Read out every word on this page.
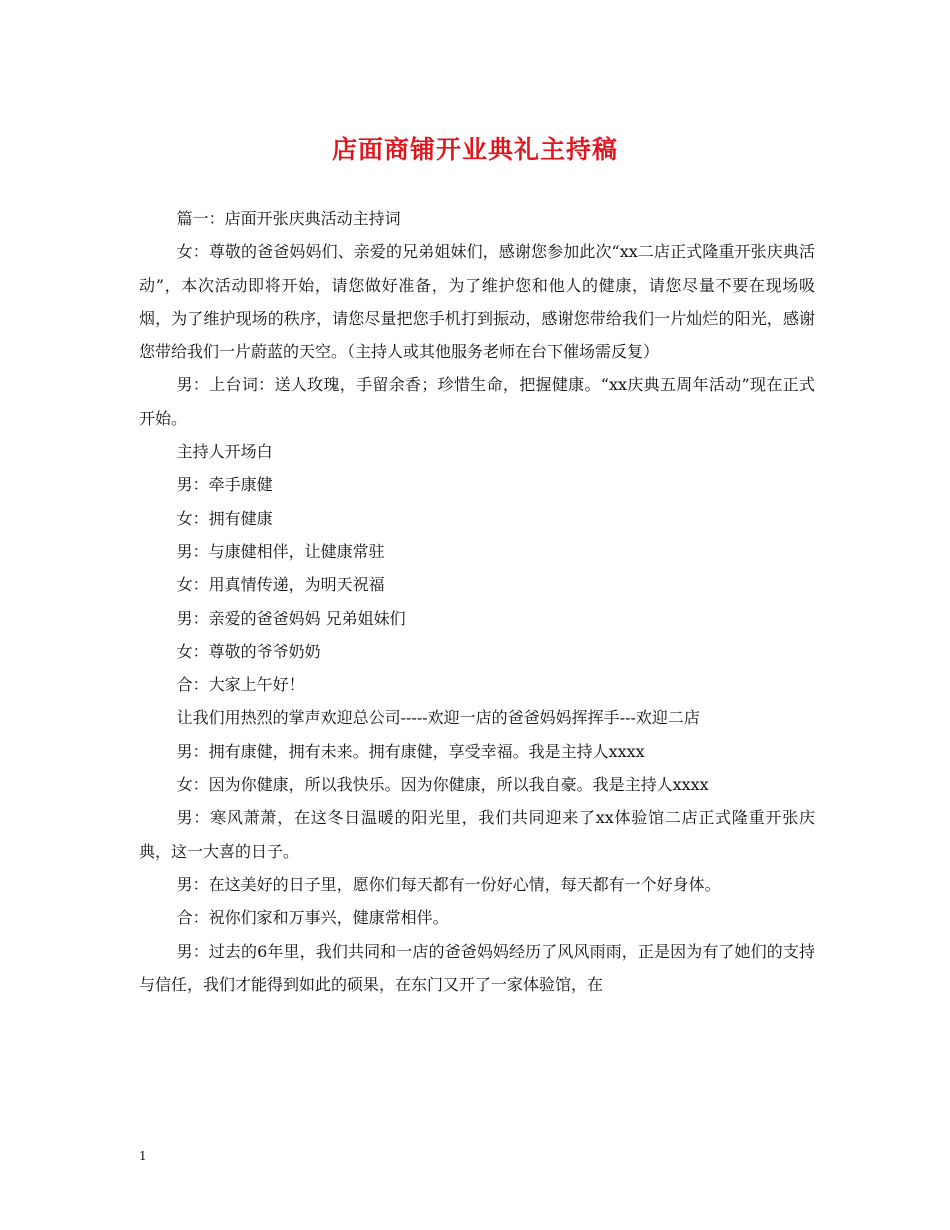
店面商铺开业典礼主持稿

篇一：店面开张庆典活动主持词

女：尊敬的爸爸妈妈们、亲爱的兄弟姐妹们，感谢您参加此次“xx二店正式隆重开张庆典活动”，本次活动即将开始，请您做好准备，为了维护您和他人的健康，请您尽量不要在现场吸烟，为了维护现场的秩序，请您尽量把您手机打到振动，感谢您带给我们一片灿烂的阳光，感谢您带给我们一片蔚蓝的天空。（主持人或其他服务老师在台下催场需反复）

男：上台词：送人玫瑰，手留余香；珍惜生命，把握健康。“xx庆典五周年活动”现在正式开始。

主持人开场白

男：牵手康健

女：拥有健康

男：与康健相伴，让健康常驻

女：用真情传递，为明天祝福

男：亲爱的爸爸妈妈 兄弟姐妹们

女：尊敬的爷爷奶奶

合：大家上午好！

让我们用热烈的掌声欢迎总公司-----欢迎一店的爸爸妈妈挥挥手---欢迎二店

男：拥有康健，拥有未来。拥有康健，享受幸福。我是主持人xxxx

女：因为你健康，所以我快乐。因为你健康，所以我自豪。我是主持人xxxx

男：寒风萧萧，在这冬日温暖的阳光里，我们共同迎来了xx体验馆二店正式隆重开张庆典，这一大喜的日子。

男：在这美好的日子里，愿你们每天都有一份好心情，每天都有一个好身体。

合：祝你们家和万事兴，健康常相伴。

男：过去的6年里，我们共同和一店的爸爸妈妈经历了风风雨雨，正是因为有了她们的支持与信任，我们才能得到如此的硕果，在东门又开了一家体验馆，在

1
